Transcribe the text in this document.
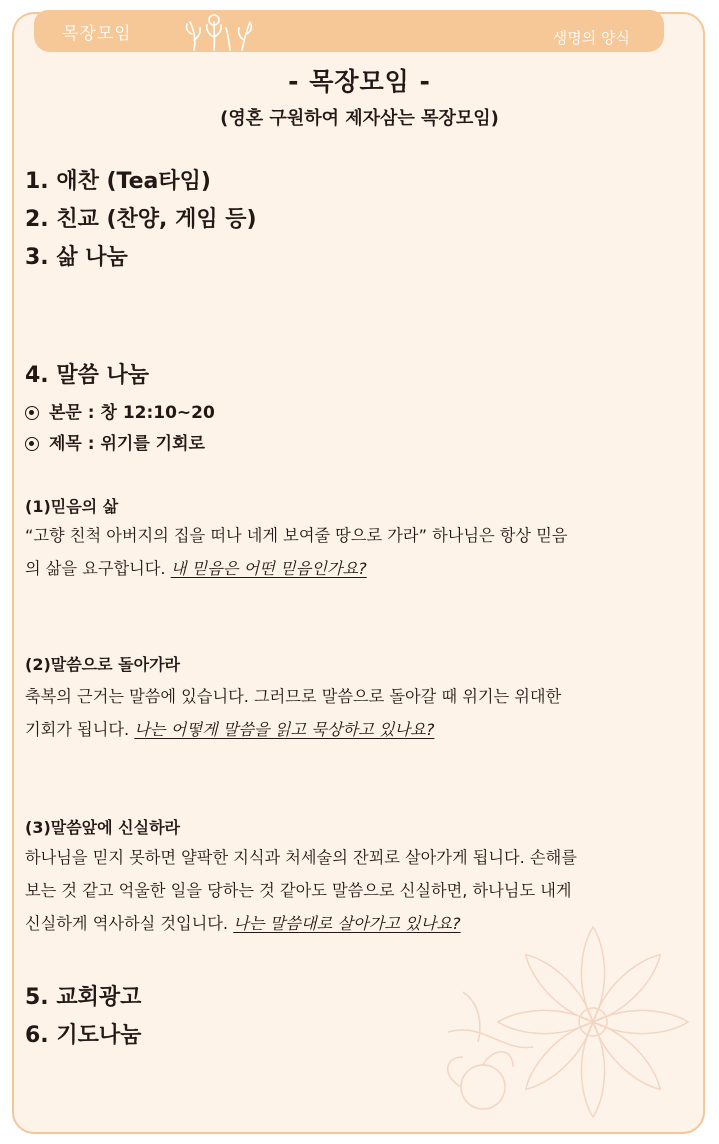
목장모임	생명의 양식
- 목장모임 -
(영혼 구원하여 제자삼는 목장모임)
1. 애찬 (Tea타임)
2. 친교 (찬양, 게임 등)
3. 삶 나눔
4. 말씀 나눔
본문 : 창 12:10~20
제목 : 위기를 기회로
(1)믿음의 삶
“고향 친척 아버지의 집을 떠나 네게 보여줄 땅으로 가라” 하나님은 항상 믿음
의 삶을 요구합니다. 내 믿음은 어떤 믿음인가요?
(2)말씀으로 돌아가라
축복의 근거는 말씀에 있습니다. 그러므로 말씀으로 돌아갈 때 위기는 위대한
기회가 됩니다. 나는 어떻게 말씀을 읽고 묵상하고 있나요?
(3)말씀앞에 신실하라
하나님을 믿지 못하면 얄팍한 지식과 처세술의 잔꾀로 살아가게 됩니다. 손해를
보는 것 같고 억울한 일을 당하는 것 같아도 말씀으로 신실하면, 하나님도 내게
신실하게 역사하실 것입니다. 나는 말씀대로 살아가고 있나요?
5. 교회광고
6. 기도나눔
